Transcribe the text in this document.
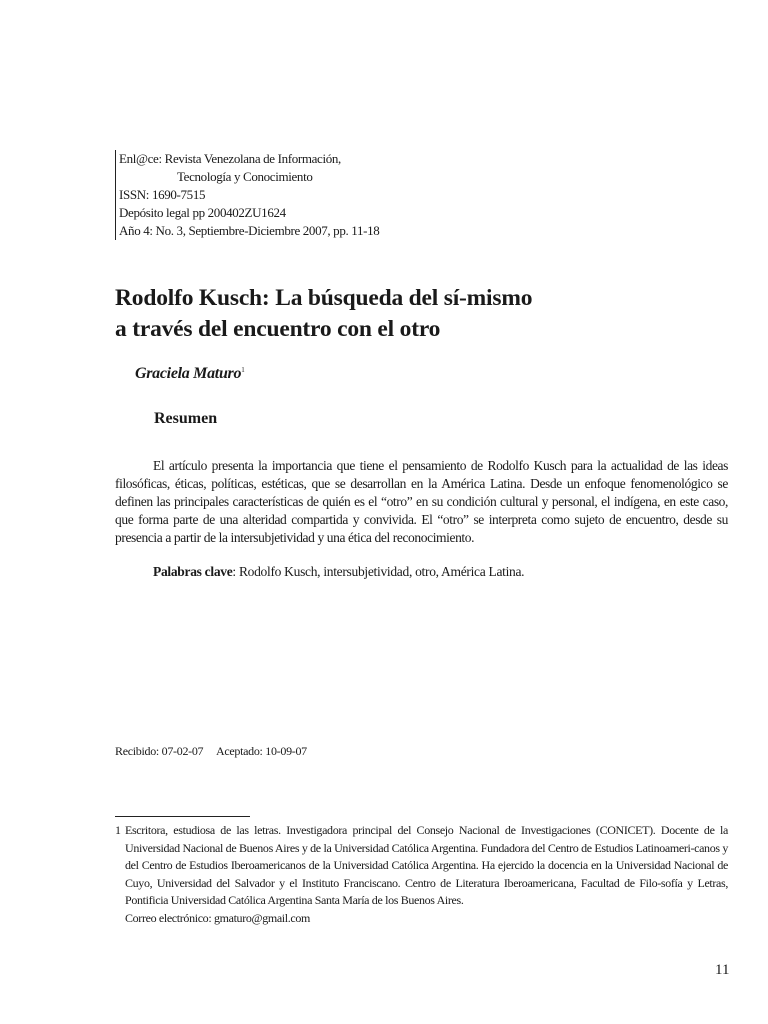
Enl@ce: Revista Venezolana de Información,
Tecnología y Conocimiento
ISSN: 1690-7515
Depósito legal pp 200402ZU1624
Año 4: No. 3, Septiembre-Diciembre 2007, pp. 11-18
Rodolfo Kusch: La búsqueda del sí-mismo
a través del encuentro con el otro
Graciela Maturo$^1$
Resumen

El artículo presenta la importancia que tiene el pensamiento de Rodolfo Kusch para la actualidad de las ideas filosóficas, éticas, políticas, estéticas, que se desarrollan en la América Latina. Desde un enfoque fenomenológico se definen las principales características de quién es el “otro” en su condición cultural y personal, el indígena, en este caso, que forma parte de una alteridad compartida y convivida. El “otro” se interpreta como sujeto de encuentro, desde su presencia a partir de la intersubjetividad y una ética del reconocimiento.

Palabras clave: Rodolfo Kusch, intersubjetividad, otro, América Latina.
Recibido: 07-02-07 Aceptado: 10-09-07
1 Escritora, estudiosa de las letras. Investigadora principal del Consejo Nacional de Investigaciones (CONICET). Docente de la Universidad Nacional de Buenos Aires y de la Universidad Católica Argentina. Fundadora del Centro de Estudios Latinoameri-canos y del Centro de Estudios Iberoamericanos de la Universidad Católica Argentina. Ha ejercido la docencia en la Universidad Nacional de Cuyo, Universidad del Salvador y el Instituto Franciscano. Centro de Literatura Iberoamericana, Facultad de Filo-sofía y Letras, Pontificia Universidad Católica Argentina Santa María de los Buenos Aires.
Correo electrónico: gmaturo@gmail.com
11
